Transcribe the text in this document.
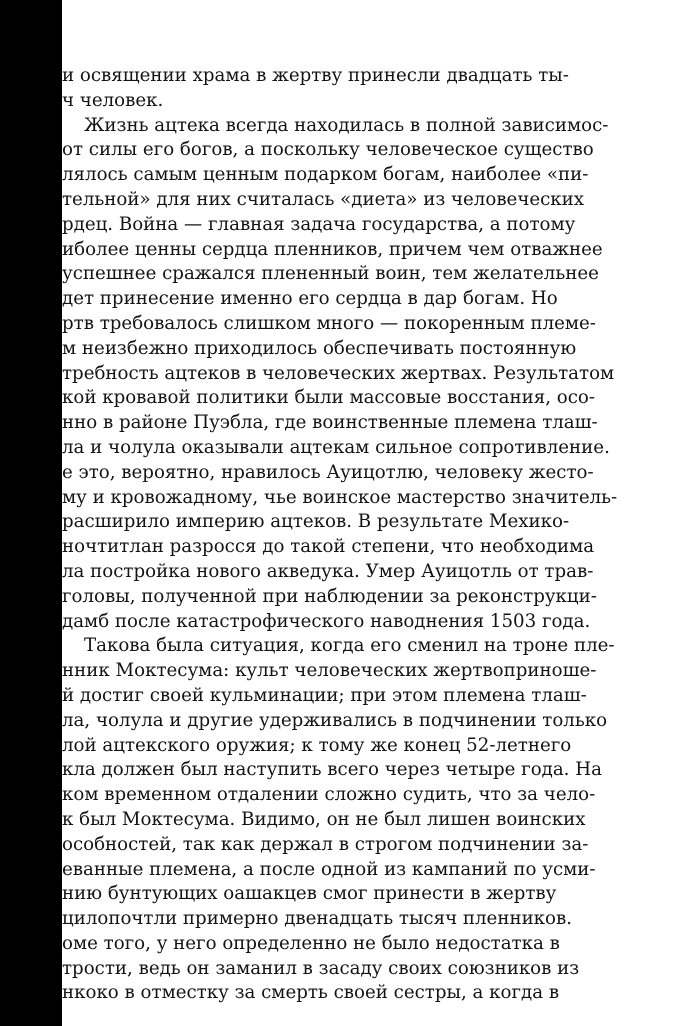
и освящении храма в жертву принесли двадцать ты-
ч человек.
Жизнь ацтека всегда находилась в полной зависимос-
от силы его богов, а поскольку человеческое существо
лялось самым ценным подарком богам, наиболее «пи-
тельной» для них считалась «диета» из человеческих
рдец. Война — главная задача государства, а потому
иболее ценны сердца пленников, причем чем отважнее
успешнее сражался плененный воин, тем желательнее
дет принесение именно его сердца в дар богам. Но
ртв требовалось слишком много — покоренным племе-
м неизбежно приходилось обеспечивать постоянную
требность ацтеков в человеческих жертвах. Результатом
кой кровавой политики были массовые восстания, осо-
нно в районе Пуэбла, где воинственные племена тлаш-
ла и чолула оказывали ацтекам сильное сопротивление.
е это, вероятно, нравилось Ауицотлю, человеку жесто-
му и кровожадному, чье воинское мастерство значитель-
расширило империю ацтеков. В результате Мехико-
ночтитлан разросся до такой степени, что необходима
ла постройка нового акведука. Умер Ауицотль от трав-
головы, полученной при наблюдении за реконструкци-
дамб после катастрофического наводнения 1503 года.
Такова была ситуация, когда его сменил на троне пле-
нник Моктесума: культ человеческих жертвоприноше-
й достиг своей кульминации; при этом племена тлаш-
ла, чолула и другие удерживались в подчинении только
лой ацтекского оружия; к тому же конец 52-летнего
кла должен был наступить всего через четыре года. На
ком временном отдалении сложно судить, что за чело-
к был Моктесума. Видимо, он не был лишен воинских
особностей, так как держал в строгом подчинении за-
еванные племена, а после одной из кампаний по усми-
нию бунтующих оашакцев смог принести в жертву
цилопочтли примерно двенадцать тысяч пленников.
оме того, у него определенно не было недостатка в
трости, ведь он заманил в засаду своих союзников из
нкоко в отместку за смерть своей сестры, а когда в
